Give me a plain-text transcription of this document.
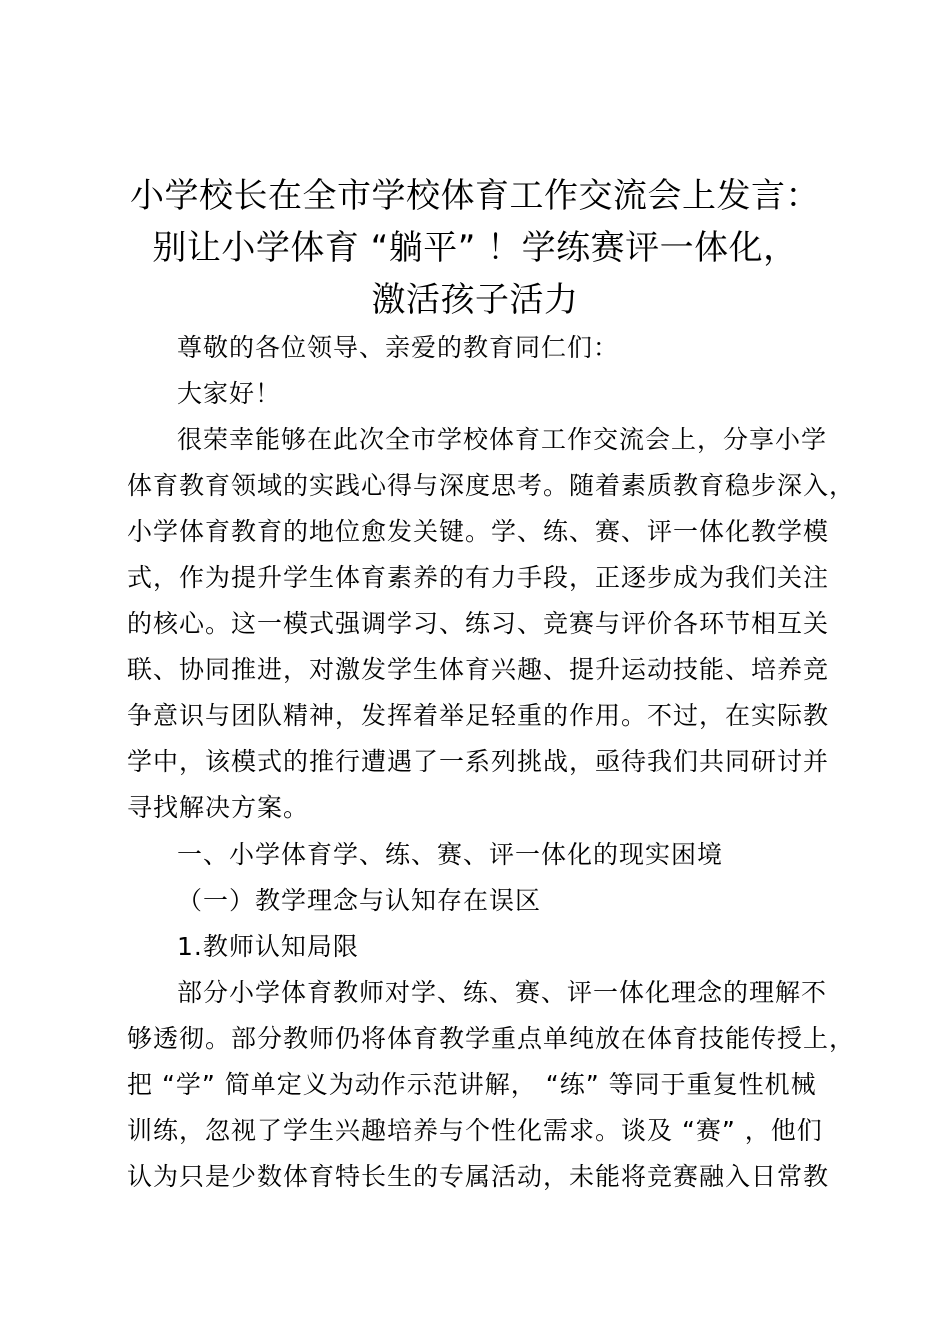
小学校长在全市学校体育工作交流会上发言：
别让小学体育 “躺平” ！学练赛评一体化，
激活孩子活力

尊敬的各位领导、亲爱的教育同仁们：

大家好！

很荣幸能够在此次全市学校体育工作交流会上，分享小学

体育教育领域的实践心得与深度思考。随着素质教育稳步深入，

小学体育教育的地位愈发关键。学、练、赛、评一体化教学模

式，作为提升学生体育素养的有力手段，正逐步成为我们关注

的核心。这一模式强调学习、练习、竞赛与评价各环节相互关

联、协同推进，对激发学生体育兴趣、提升运动技能、培养竞

争意识与团队精神，发挥着举足轻重的作用。不过，在实际教

学中，该模式的推行遭遇了一系列挑战，亟待我们共同研讨并

寻找解决方案。

一、小学体育学、练、赛、评一体化的现实困境

（一）教学理念与认知存在误区

1.教师认知局限

部分小学体育教师对学、练、赛、评一体化理念的理解不

够透彻。部分教师仍将体育教学重点单纯放在体育技能传授上，

把 “学” 简单定义为动作示范讲解， “练” 等同于重复性机械

训练，忽视了学生兴趣培养与个性化需求。谈及 “赛” ，他们

认为只是少数体育特长生的专属活动，未能将竞赛融入日常教
